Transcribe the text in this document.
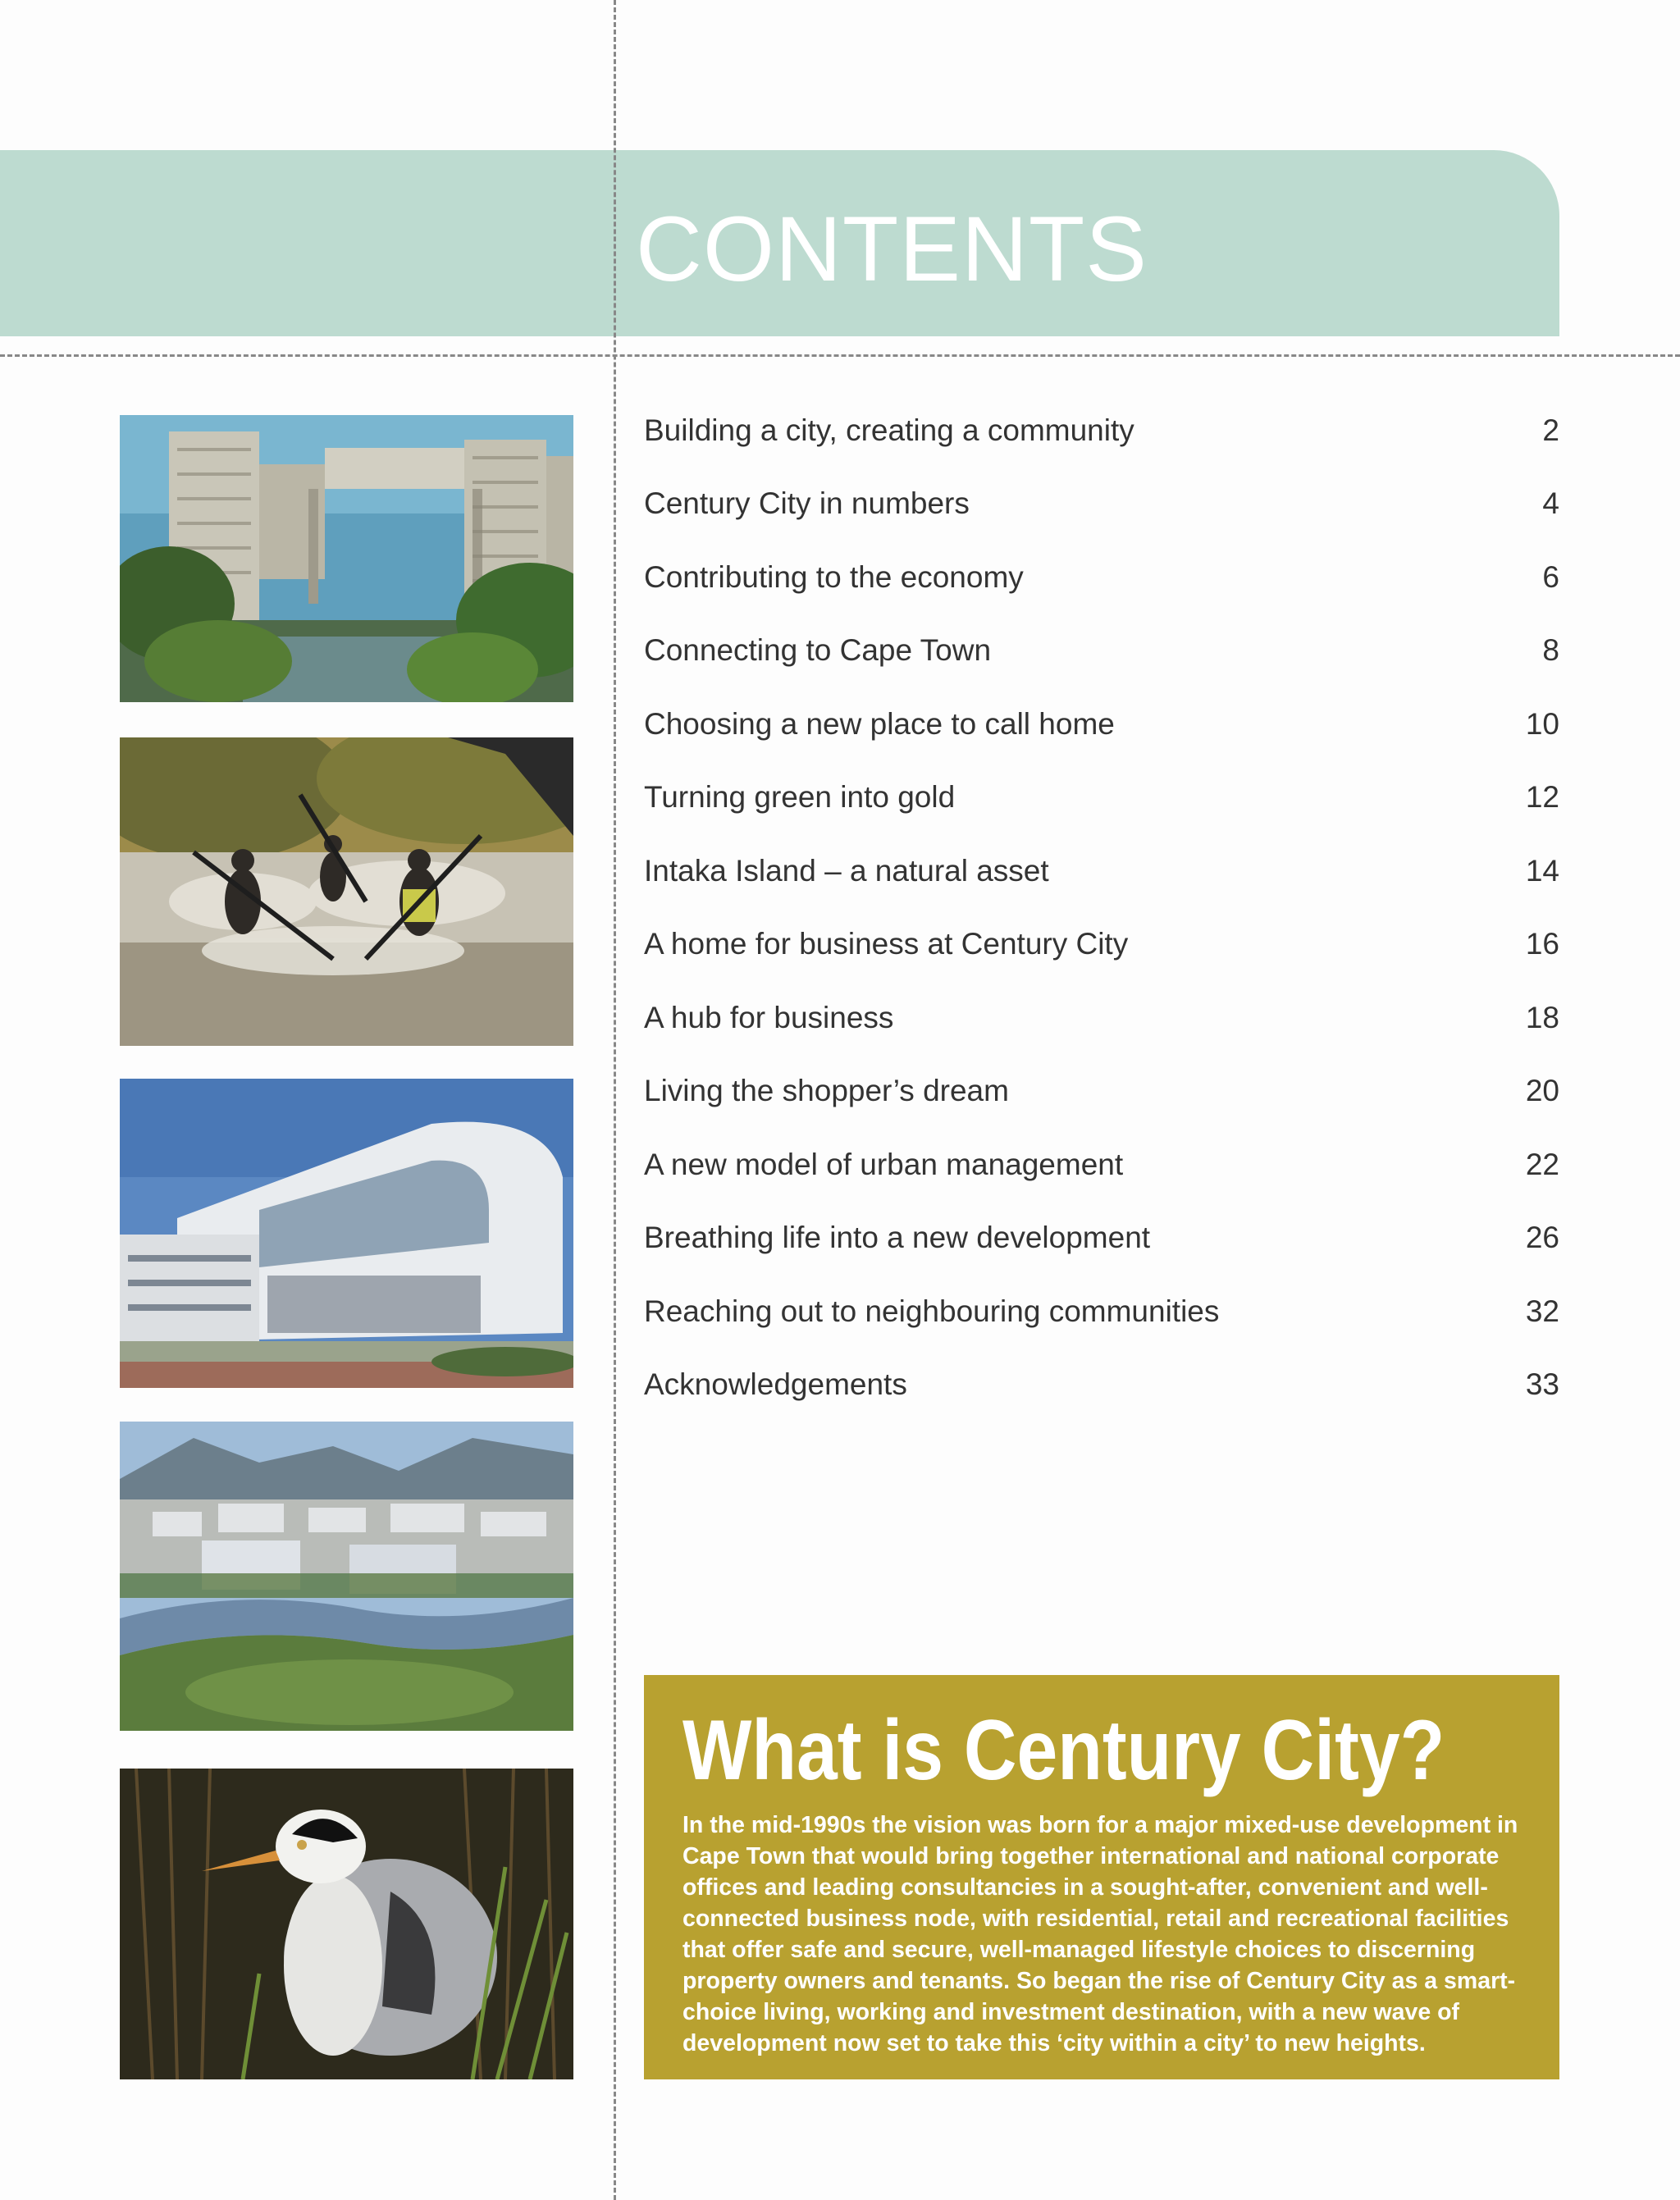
CONTENTS
Building a city, creating a community	2
Century City in numbers	4
Contributing to the economy	6
Connecting to Cape Town	8
Choosing a new place to call home	10
Turning green into gold	12
Intaka Island – a natural asset	14
A home for business at Century City	16
A hub for business	18
Living the shopper’s dream	20
A new model of urban management	22
Breathing life into a new development	26
Reaching out to neighbouring communities	32
Acknowledgements	33
What is Century City?

In the mid-1990s the vision was born for a major mixed-use development in Cape Town that would bring together international and national corporate offices and leading consultancies in a sought-after, convenient and well-connected business node, with residential, retail and recreational facilities that offer safe and secure, well-managed lifestyle choices to discerning property owners and tenants. So began the rise of Century City as a smart-choice living, working and investment destination, with a new wave of development now set to take this ‘city within a city’ to new heights.
